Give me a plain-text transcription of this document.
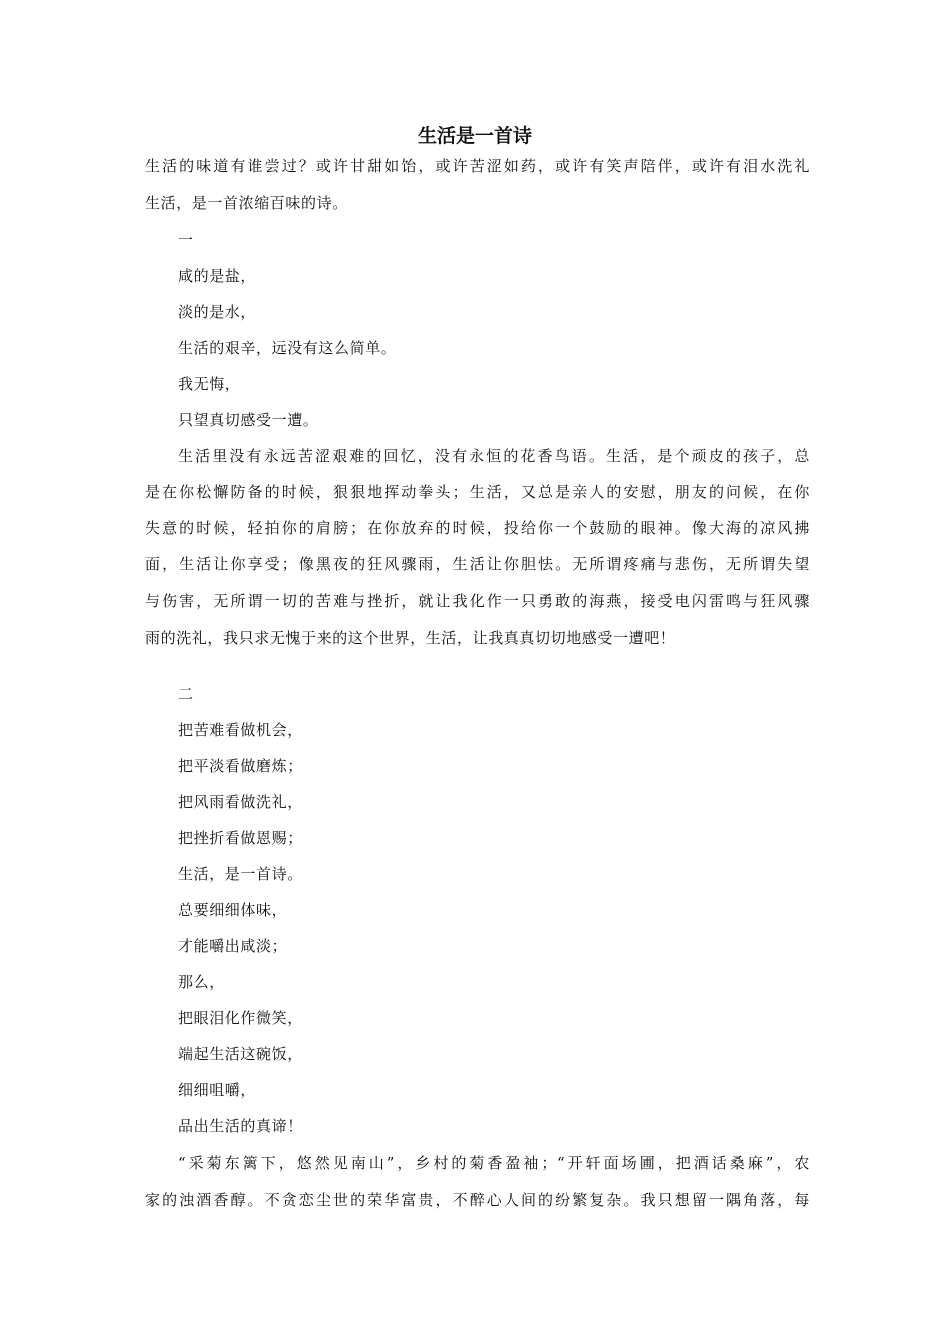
生活是一首诗
生活的味道有谁尝过？或许甘甜如饴，或许苦涩如药，或许有笑声陪伴，或许有泪水洗礼
生活，是一首浓缩百味的诗。
一
咸的是盐，
淡的是水，
生活的艰辛，远没有这么简单。
我无悔，
只望真切感受一遭。
生活里没有永远苦涩艰难的回忆，没有永恒的花香鸟语。生活，是个顽皮的孩子，总
是在你松懈防备的时候，狠狠地挥动拳头；生活，又总是亲人的安慰，朋友的问候，在你
失意的时候，轻拍你的肩膀；在你放弃的时候，投给你一个鼓励的眼神。像大海的凉风拂
面，生活让你享受；像黑夜的狂风骤雨，生活让你胆怯。无所谓疼痛与悲伤，无所谓失望
与伤害，无所谓一切的苦难与挫折，就让我化作一只勇敢的海燕，接受电闪雷鸣与狂风骤
雨的洗礼，我只求无愧于来的这个世界，生活，让我真真切切地感受一遭吧！
二
把苦难看做机会，
把平淡看做磨炼；
把风雨看做洗礼，
把挫折看做恩赐；
生活，是一首诗。
总要细细体味，
才能嚼出咸淡；
那么，
把眼泪化作微笑，
端起生活这碗饭，
细细咀嚼，
品出生活的真谛！
“采菊东篱下，悠然见南山”，乡村的菊香盈袖；“开轩面场圃，把酒话桑麻”，农
家的浊酒香醇。不贪恋尘世的荣华富贵，不醉心人间的纷繁复杂。我只想留一隅角落，每
